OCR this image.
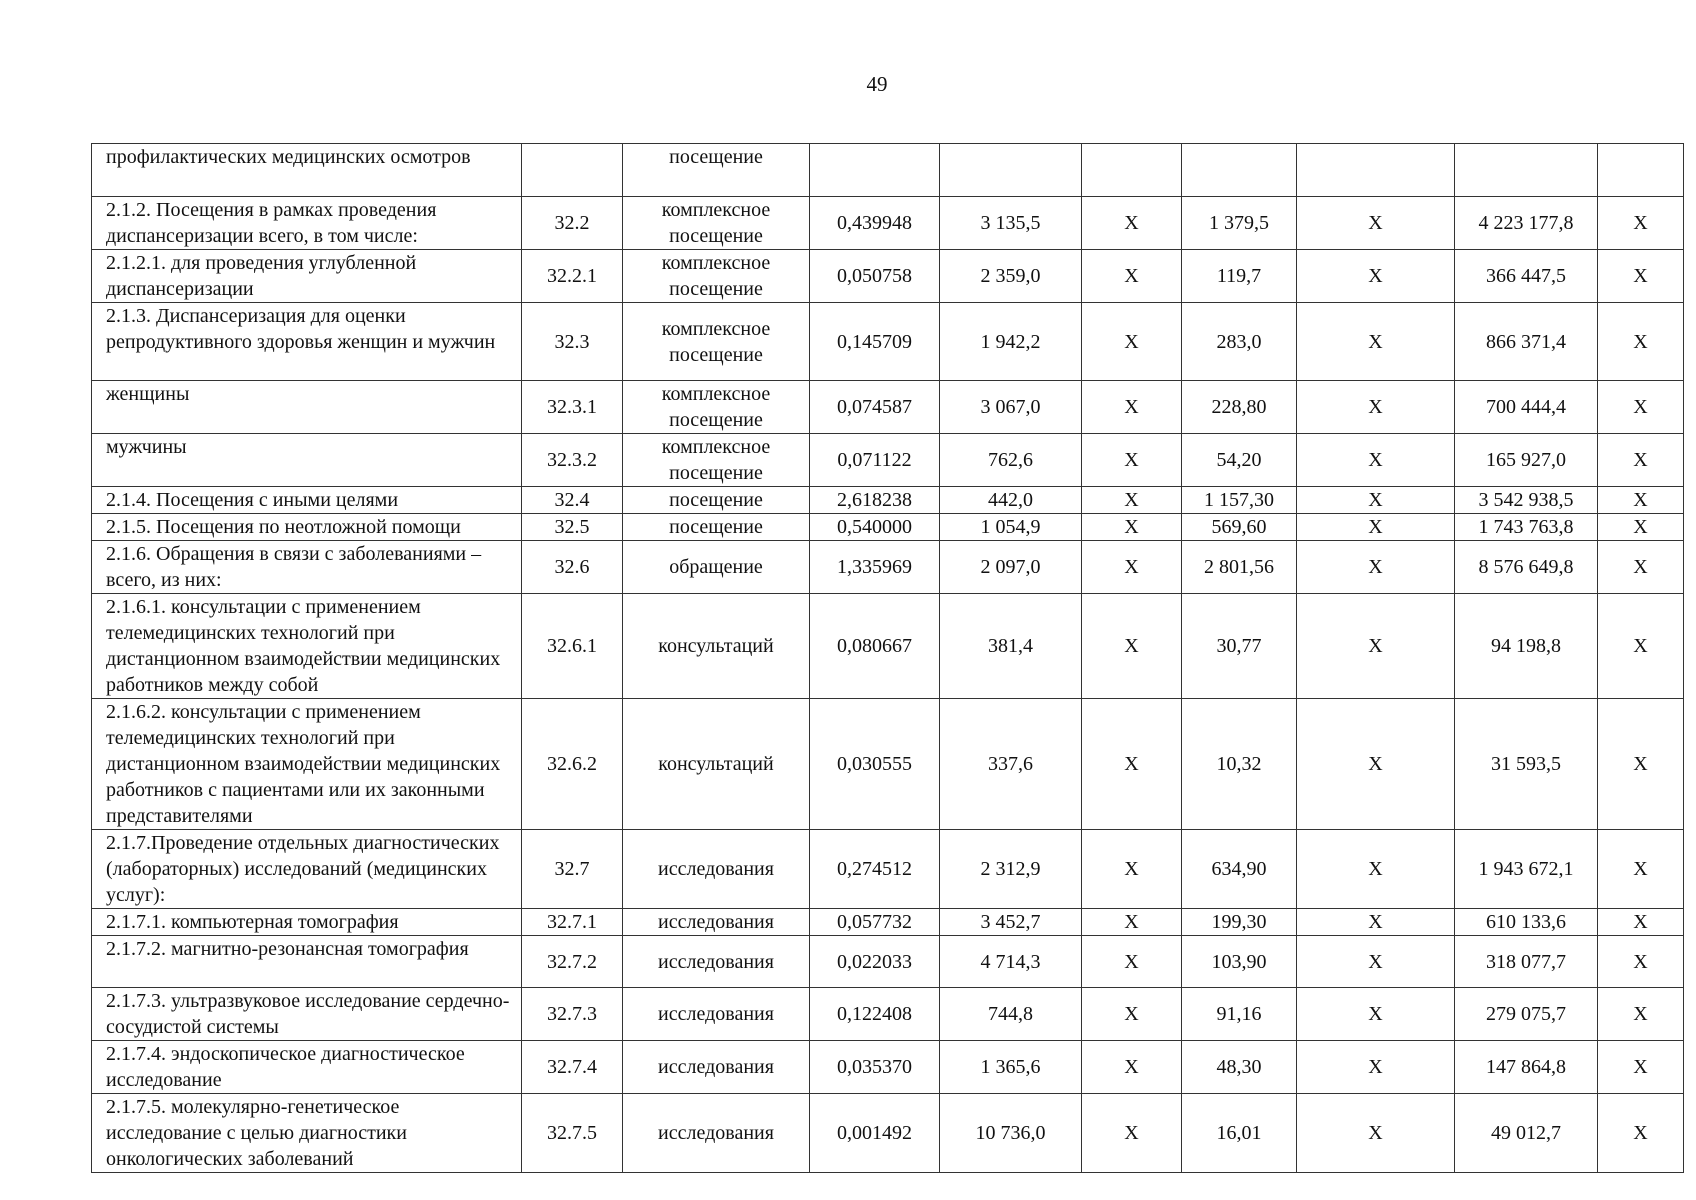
49
профилактических медицинских осмотров		посещение							
2.1.2. Посещения в рамках проведения диспансеризации всего, в том числе:	32.2	комплексное посещение	0,439948	3 135,5	X	1 379,5	X	4 223 177,8	X
2.1.2.1. для проведения углубленной диспансеризации	32.2.1	комплексное посещение	0,050758	2 359,0	X	119,7	X	366 447,5	X
2.1.3. Диспансеризация для оценки репродуктивного здоровья женщин и мужчин	32.3	комплексное посещение	0,145709	1 942,2	X	283,0	X	866 371,4	X
женщины	32.3.1	комплексное посещение	0,074587	3 067,0	X	228,80	X	700 444,4	X
мужчины	32.3.2	комплексное посещение	0,071122	762,6	X	54,20	X	165 927,0	X
2.1.4. Посещения с иными целями	32.4	посещение	2,618238	442,0	X	1 157,30	X	3 542 938,5	X
2.1.5. Посещения по неотложной помощи	32.5	посещение	0,540000	1 054,9	X	569,60	X	1 743 763,8	X
2.1.6. Обращения в связи с заболеваниями – всего, из них:	32.6	обращение	1,335969	2 097,0	X	2 801,56	X	8 576 649,8	X
2.1.6.1. консультации с применением телемедицинских технологий при дистанционном взаимодействии медицинских работников между собой	32.6.1	консультаций	0,080667	381,4	X	30,77	X	94 198,8	X
2.1.6.2. консультации с применением телемедицинских технологий при дистанционном взаимодействии медицинских работников с пациентами или их законными представителями	32.6.2	консультаций	0,030555	337,6	X	10,32	X	31 593,5	X
2.1.7.Проведение отдельных диагностических (лабораторных) исследований (медицинских услуг):	32.7	исследования	0,274512	2 312,9	X	634,90	X	1 943 672,1	X
2.1.7.1. компьютерная томография	32.7.1	исследования	0,057732	3 452,7	X	199,30	X	610 133,6	X
2.1.7.2. магнитно-резонансная томография	32.7.2	исследования	0,022033	4 714,3	X	103,90	X	318 077,7	X
2.1.7.3. ультразвуковое исследование сердечно-сосудистой системы	32.7.3	исследования	0,122408	744,8	X	91,16	X	279 075,7	X
2.1.7.4. эндоскопическое диагностическое исследование	32.7.4	исследования	0,035370	1 365,6	X	48,30	X	147 864,8	X
2.1.7.5. молекулярно-генетическое исследование с целью диагностики онкологических заболеваний	32.7.5	исследования	0,001492	10 736,0	X	16,01	X	49 012,7	X
